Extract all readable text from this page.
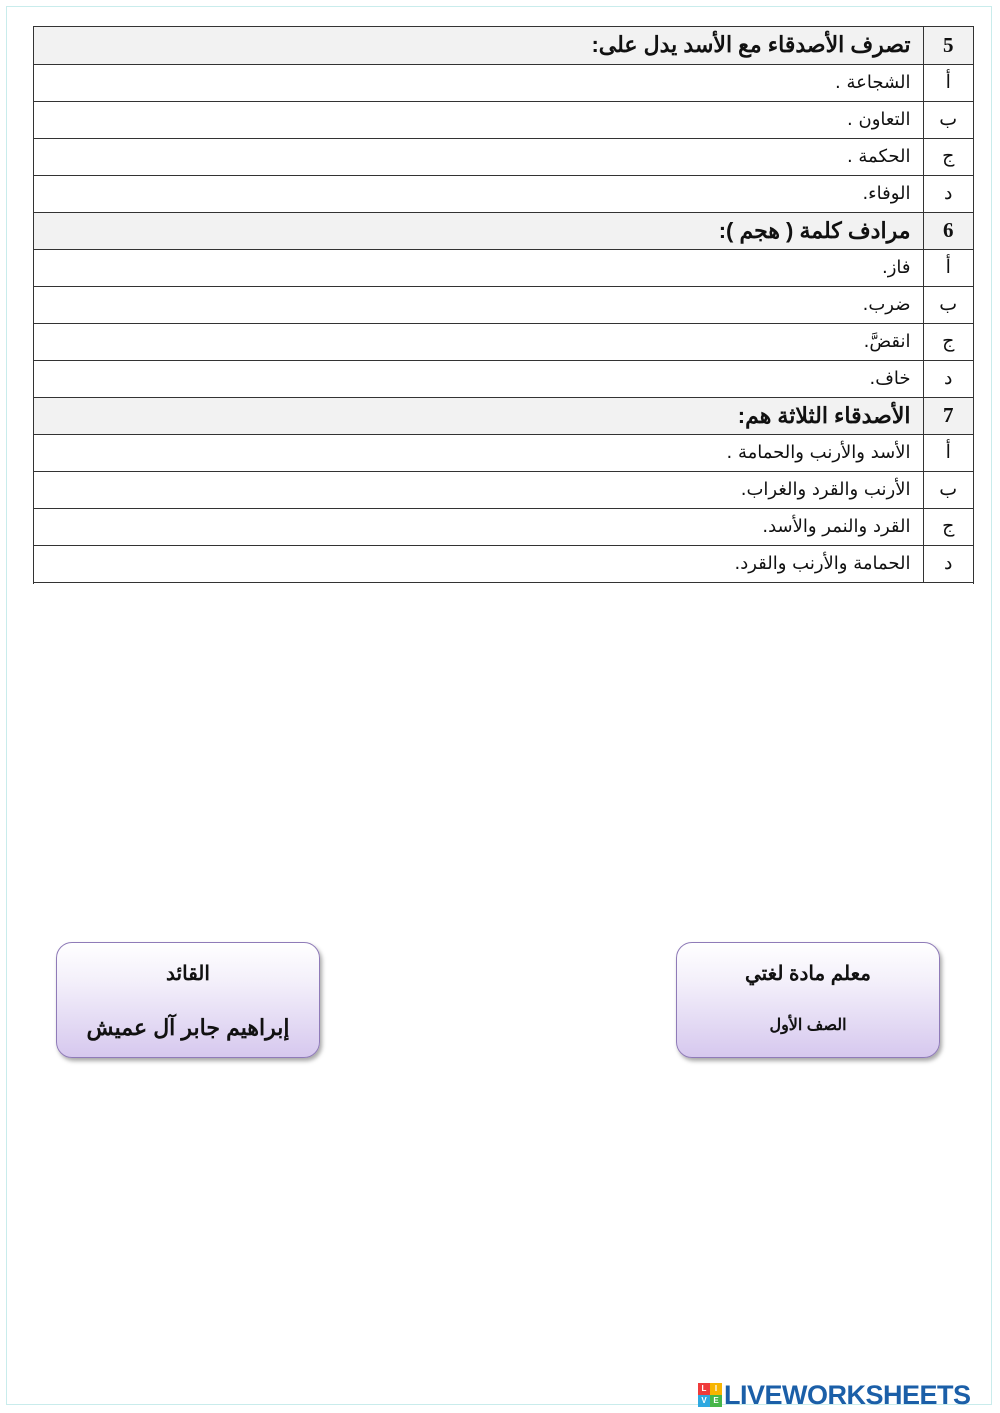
5	تصرف الأصدقاء مع الأسد يدل على:
أ	الشجاعة .
ب	التعاون .
ج	الحكمة .
د	الوفاء.
6	مرادف كلمة ( هجم ):
أ	فاز.
ب	ضرب.
ج	انقضَّ.
د	خاف.
7	الأصدقاء الثلاثة هم:
أ	الأسد والأرنب والحمامة .
ب	الأرنب والقرد والغراب.
ج	القرد والنمر والأسد.
د	الحمامة والأرنب والقرد.
القائد
إبراهيم جابر آل عميش
معلم مادة لغتي
الصف الأول
L	I
V E LIVEWORKSHEETS
